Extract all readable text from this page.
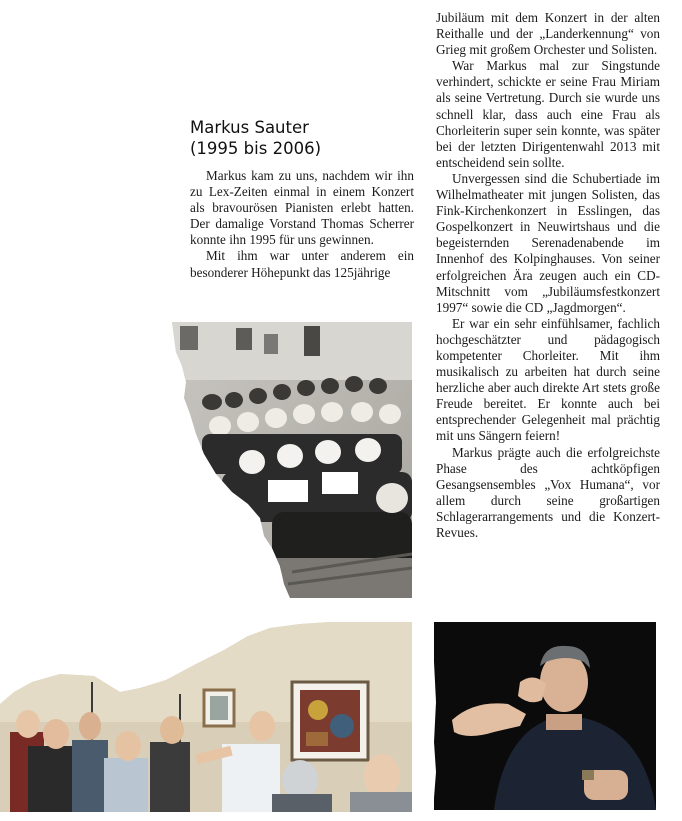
Markus Sauter
(1995 bis 2006)

Markus kam zu uns, nachdem wir ihn zu Lex-Zeiten einmal in einem Konzert als bravourösen Pianisten erlebt hatten. Der damalige Vorstand Thomas Scherrer konnte ihn 1995 für uns gewinnen.

Mit ihm war unter anderem ein besonderer Höhepunkt das 125jährige

Jubiläum mit dem Konzert in der alten Reithalle und der „Landerkennung“ von Grieg mit großem Orchester und Solisten.

War Markus mal zur Singstunde verhindert, schickte er seine Frau Miriam als seine Vertretung. Durch sie wurde uns schnell klar, dass auch eine Frau als Chorleiterin super sein konnte, was später bei der letzten Dirigentenwahl 2013 mit entscheidend sein sollte.

Unvergessen sind die Schubertiade im Wilhelmatheater mit jungen Solisten, das Fink-Kirchenkonzert in Esslingen, das Gospelkonzert in Neuwirtshaus und die begeisternden Serenadenabende im Innenhof des Kolpinghauses. Von seiner erfolgreichen Ära zeugen auch ein CD-Mitschnitt vom „Jubiläumsfestkonzert 1997“ sowie die CD „Jagdmorgen“.

Er war ein sehr einfühlsamer, fachlich hochgeschätzter und pädagogisch kompetenter Chorleiter. Mit ihm musikalisch zu arbeiten hat durch seine herzliche aber auch direkte Art stets große Freude bereitet. Er konnte auch bei entsprechender Gelegenheit mal prächtig mit uns Sängern feiern!

Markus prägte auch die erfolgreichste Phase des achtköpfigen Gesangsensembles „Vox Humana“, vor allem durch seine großartigen Schlagerarrangements und die Konzert-Revues.
